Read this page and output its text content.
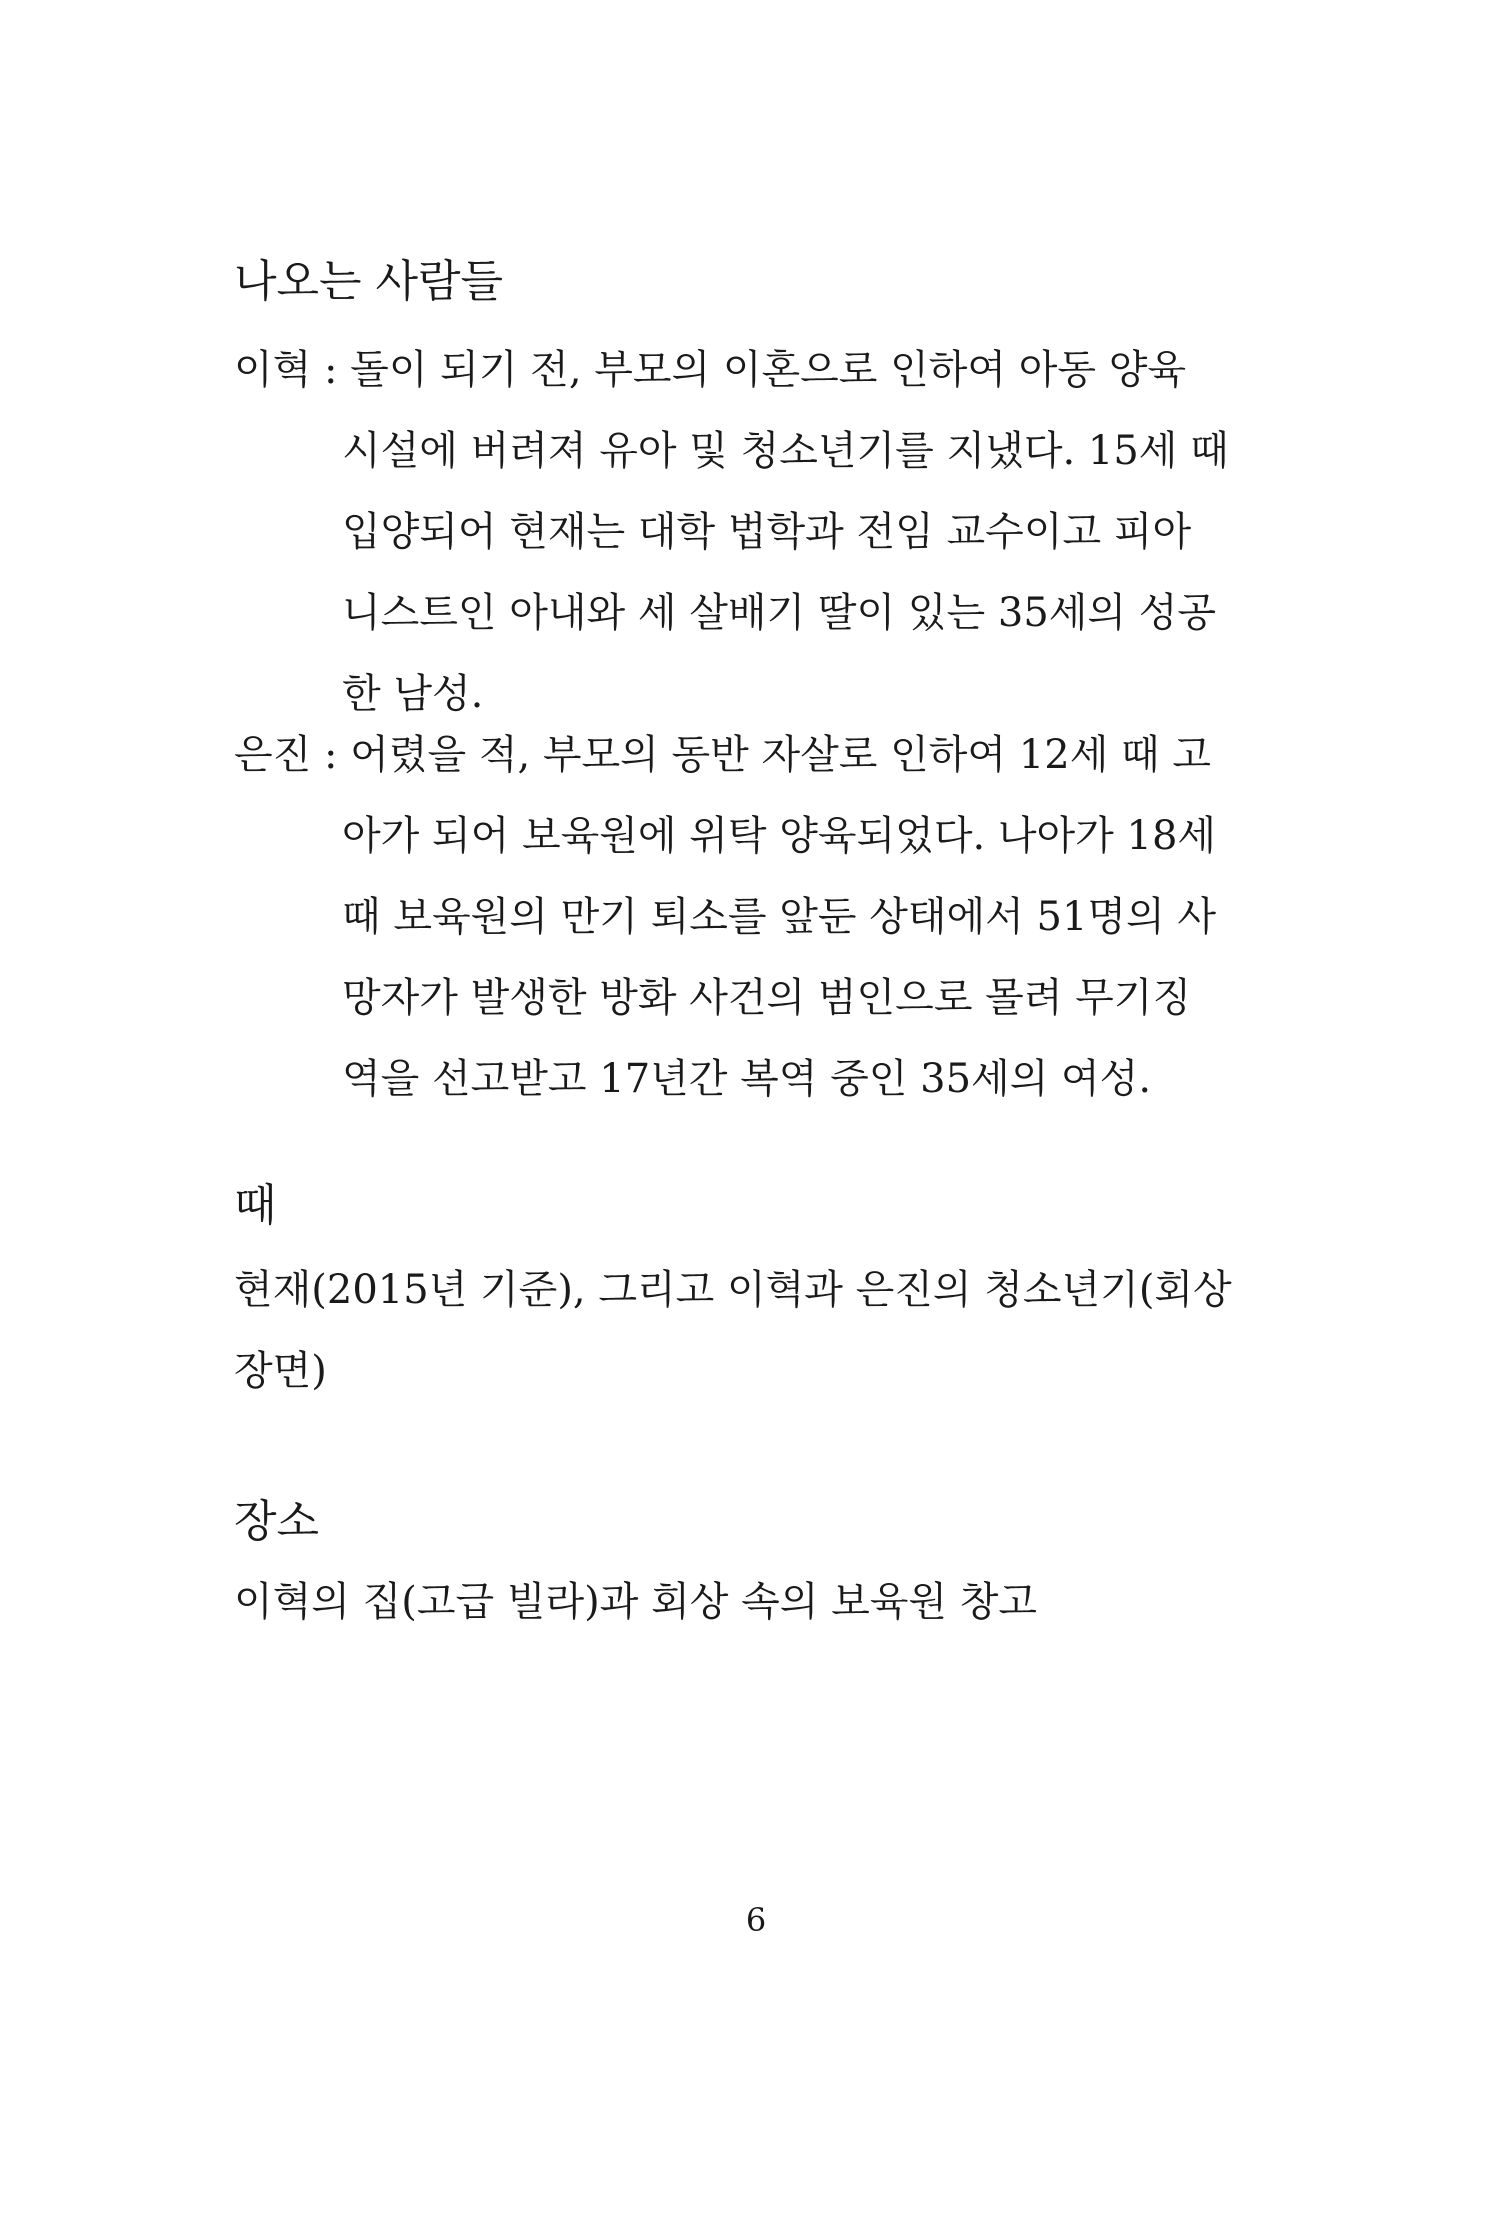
나오는 사람들
이혁 : 돌이 되기 전, 부모의 이혼으로 인하여 아동 양육
시설에 버려져 유아 및 청소년기를 지냈다. 15세 때
입양되어 현재는 대학 법학과 전임 교수이고 피아
니스트인 아내와 세 살배기 딸이 있는 35세의 성공
한 남성.
은진 : 어렸을 적, 부모의 동반 자살로 인하여 12세 때 고
아가 되어 보육원에 위탁 양육되었다. 나아가 18세
때 보육원의 만기 퇴소를 앞둔 상태에서 51명의 사
망자가 발생한 방화 사건의 범인으로 몰려 무기징
역을 선고받고 17년간 복역 중인 35세의 여성.
때
현재(2015년 기준), 그리고 이혁과 은진의 청소년기(회상
장면)
장소
이혁의 집(고급 빌라)과 회상 속의 보육원 창고
6
